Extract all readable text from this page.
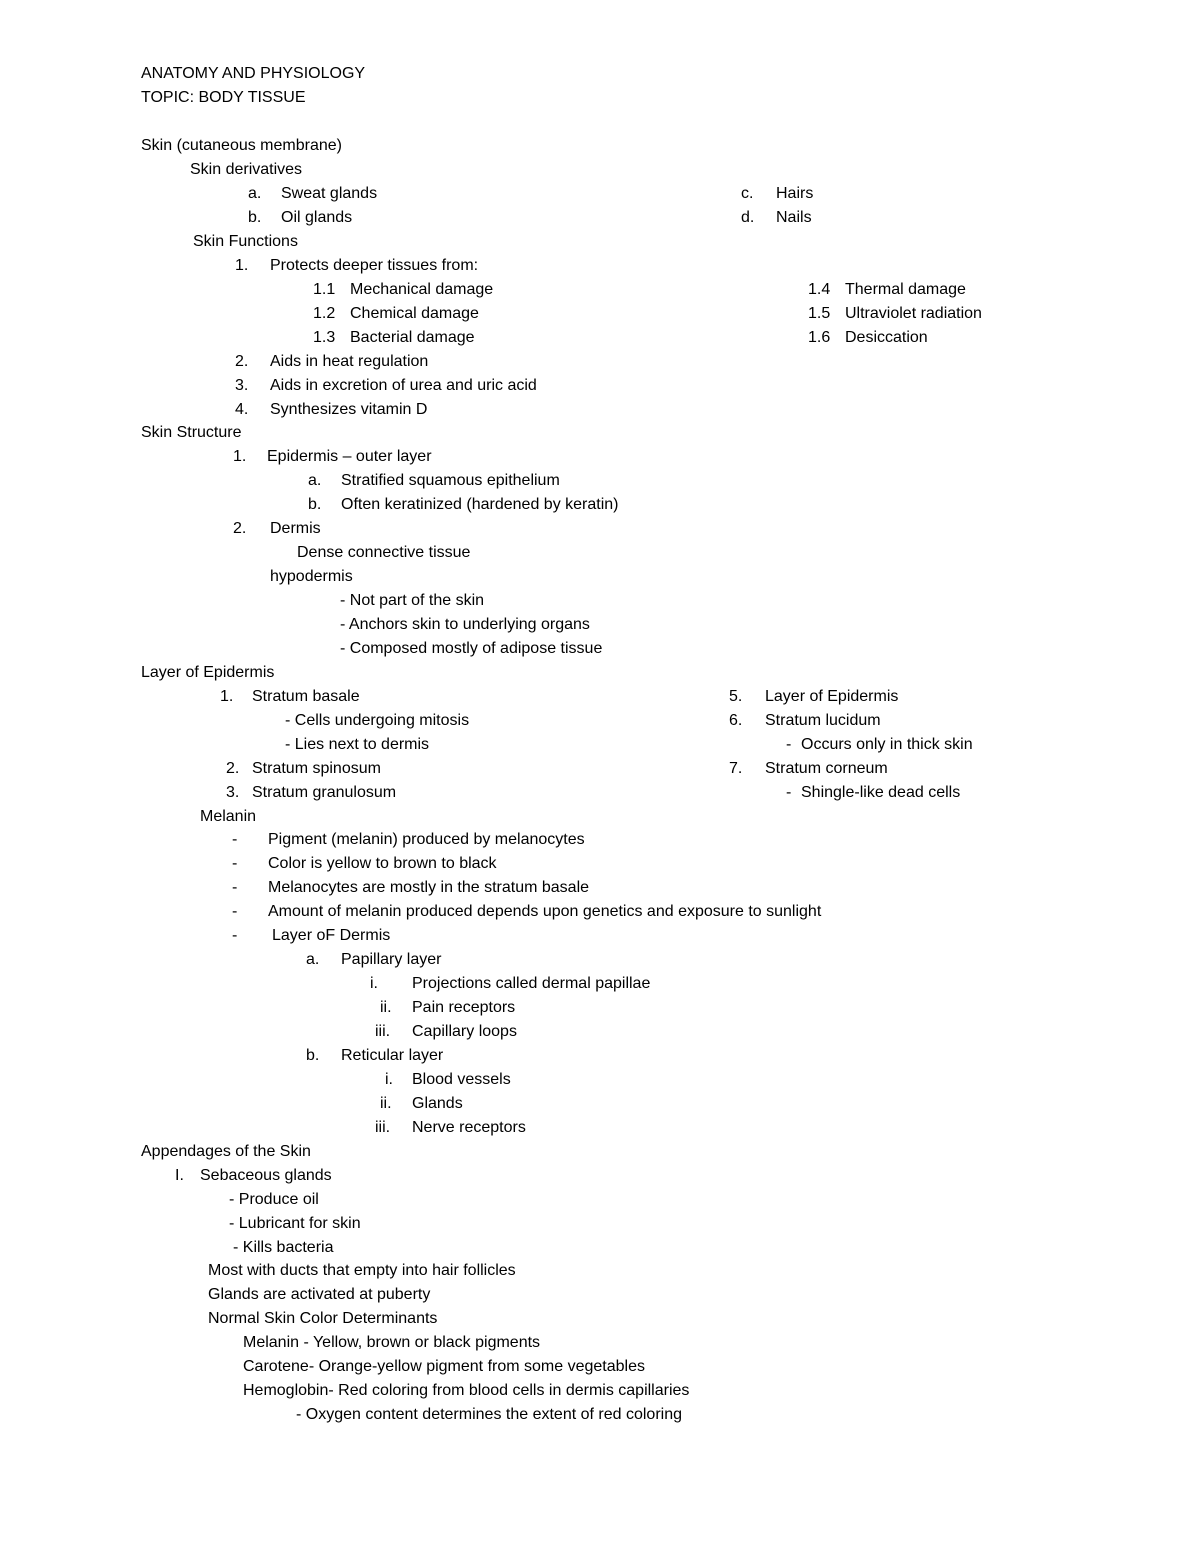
ANATOMY AND PHYSIOLOGY
TOPIC: BODY TISSUE
Skin (cutaneous membrane)
Skin derivatives
a. Sweat glands	c. Hairs
b. Oil glands	d. Nails
Skin Functions
1. Protects deeper tissues from:
1.1 Mechanical damage	1.4 Thermal damage
1.2 Chemical damage	1.5 Ultraviolet radiation
1.3 Bacterial damage	1.6 Desiccation
2. Aids in heat regulation
3. Aids in excretion of urea and uric acid
4. Synthesizes vitamin D
Skin Structure
1. Epidermis – outer layer
a. Stratified squamous epithelium
b. Often keratinized (hardened by keratin)
2. Dermis
Dense connective tissue
hypodermis
- Not part of the skin
- Anchors skin to underlying organs
- Composed mostly of adipose tissue
Layer of Epidermis
1. Stratum basale	5. Layer of Epidermis
- Cells undergoing mitosis	6. Stratum lucidum
- Lies next to dermis	- Occurs only in thick skin
2. Stratum spinosum	7. Stratum corneum
3. Stratum granulosum	- Shingle-like dead cells
Melanin
- Pigment (melanin) produced by melanocytes
- Color is yellow to brown to black
- Melanocytes are mostly in the stratum basale
- Amount of melanin produced depends upon genetics and exposure to sunlight
- Layer oF Dermis
a. Papillary layer
i. Projections called dermal papillae
ii. Pain receptors
iii. Capillary loops
b. Reticular layer
i. Blood vessels
ii. Glands
iii. Nerve receptors
Appendages of the Skin
I. Sebaceous glands
- Produce oil
- Lubricant for skin
- Kills bacteria
Most with ducts that empty into hair follicles
Glands are activated at puberty
Normal Skin Color Determinants
Melanin - Yellow, brown or black pigments
Carotene- Orange-yellow pigment from some vegetables
Hemoglobin- Red coloring from blood cells in dermis capillaries
- Oxygen content determines the extent of red coloring
